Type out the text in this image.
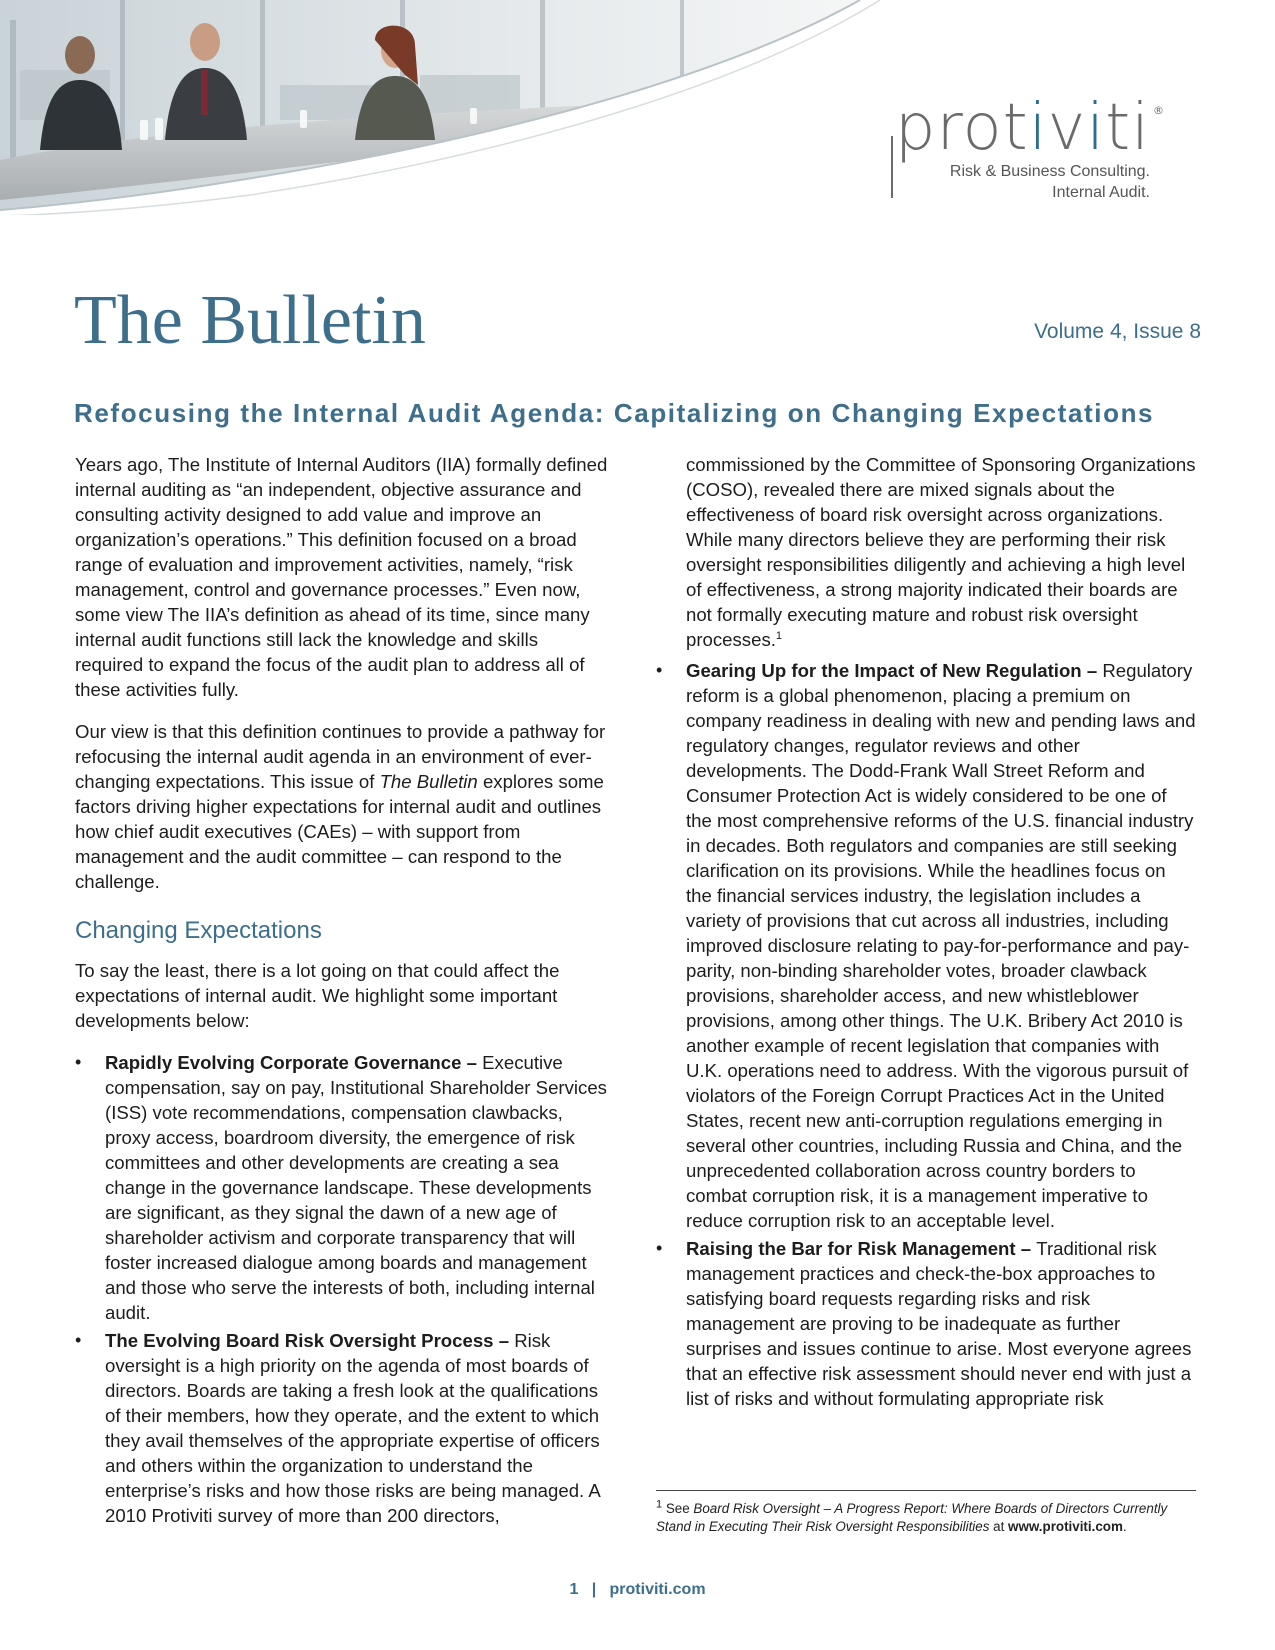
protiviti ®
Risk & Business Consulting.
Internal Audit.
The Bulletin	Volume 4, Issue 8
Refocusing the Internal Audit Agenda: Capitalizing on Changing Expectations

Years ago, The Institute of Internal Auditors (IIA) formally defined internal auditing as “an independent, objective assurance and consulting activity designed to add value and improve an organization’s operations.” This definition focused on a broad range of evaluation and improvement activities, namely, “risk management, control and governance processes.” Even now, some view The IIA’s definition as ahead of its time, since many internal audit functions still lack the knowledge and skills required to expand the focus of the audit plan to address all of these activities fully.

Our view is that this definition continues to provide a pathway for refocusing the internal audit agenda in an environment of ever-changing expectations. This issue of The Bulletin explores some factors driving higher expectations for internal audit and outlines how chief audit executives (CAEs) – with support from management and the audit committee – can respond to the challenge.

Changing Expectations

To say the least, there is a lot going on that could affect the expectations of internal audit. We highlight some important developments below:

• Rapidly Evolving Corporate Governance – Executive compensation, say on pay, Institutional Shareholder Services (ISS) vote recommendations, compensation clawbacks, proxy access, boardroom diversity, the emergence of risk committees and other developments are creating a sea change in the governance landscape. These developments are significant, as they signal the dawn of a new age of shareholder activism and corporate transparency that will foster increased dialogue among boards and management and those who serve the interests of both, including internal audit.
• The Evolving Board Risk Oversight Process – Risk oversight is a high priority on the agenda of most boards of directors. Boards are taking a fresh look at the qualifications of their members, how they operate, and the extent to which they avail themselves of the appropriate expertise of officers and others within the organization to understand the enterprise’s risks and how those risks are being managed. A 2010 Protiviti survey of more than 200 directors,
commissioned by the Committee of Sponsoring Organizations (COSO), revealed there are mixed signals about the effectiveness of board risk oversight across organizations. While many directors believe they are performing their risk oversight responsibilities diligently and achieving a high level of effectiveness, a strong majority indicated their boards are not formally executing mature and robust risk oversight processes.$^1$
• Gearing Up for the Impact of New Regulation – Regulatory reform is a global phenomenon, placing a premium on company readiness in dealing with new and pending laws and regulatory changes, regulator reviews and other developments. The Dodd-Frank Wall Street Reform and Consumer Protection Act is widely considered to be one of the most comprehensive reforms of the U.S. financial industry in decades. Both regulators and companies are still seeking clarification on its provisions. While the headlines focus on the financial services industry, the legislation includes a variety of provisions that cut across all industries, including improved disclosure relating to pay-for-performance and pay-parity, non-binding shareholder votes, broader clawback provisions, shareholder access, and new whistleblower provisions, among other things. The U.K. Bribery Act 2010 is another example of recent legislation that companies with U.K. operations need to address. With the vigorous pursuit of violators of the Foreign Corrupt Practices Act in the United States, recent new anti-corruption regulations emerging in several other countries, including Russia and China, and the unprecedented collaboration across country borders to combat corruption risk, it is a management imperative to reduce corruption risk to an acceptable level.
• Raising the Bar for Risk Management – Traditional risk management practices and check-the-box approaches to satisfying board requests regarding risks and risk management are proving to be inadequate as further surprises and issues continue to arise. Most everyone agrees that an effective risk assessment should never end with just a list of risks and without formulating appropriate risk
$^1$ See Board Risk Oversight – A Progress Report: Where Boards of Directors Currently Stand in Executing Their Risk Oversight Responsibilities at www.protiviti.com.
1 | protiviti.com
